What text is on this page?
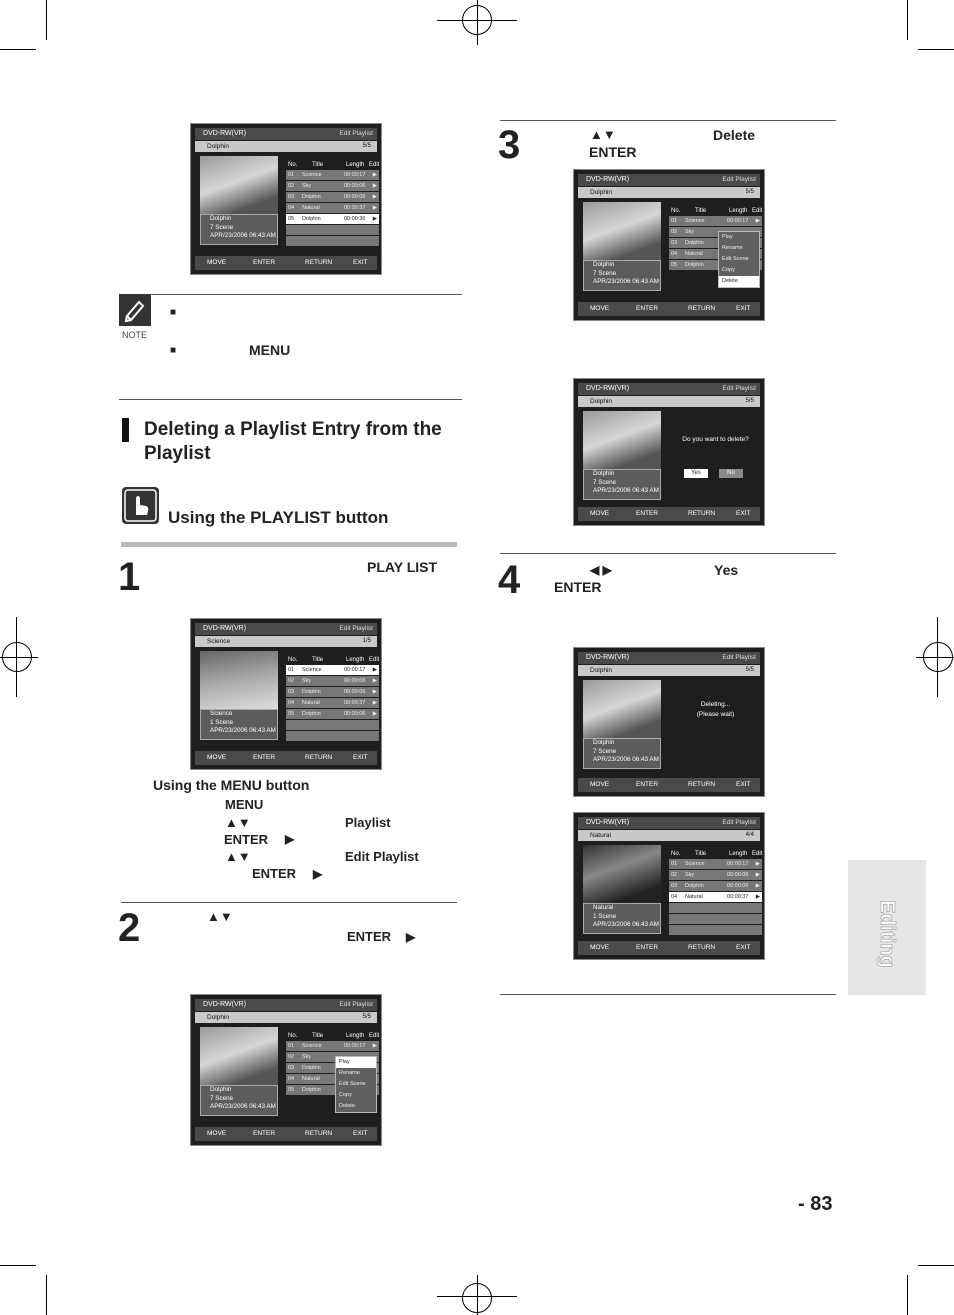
DVD-RW(VR)	Edit Playlist
Dolphin	5/5
Dolphin
7 Scene
APR/23/2006 06:43 AM
No. Title	Length Edit
01 Science	00:00:17 ▶
02 Sky	00:00:06 ▶
03 Dolphin	00:00:06 ▶
04 Natural	00:00:37 ▶
05 Dolphin	00:00:36 ▶
MOVE	ENTER	RETURN	EXIT
NOTE
■
■	MENU
Deleting a Playlist Entry from the Playlist
Using the PLAYLIST button
1	PLAY LIST
DVD-RW(VR)	Edit Playlist
Science	1/5
Science
1 Scene
APR/23/2006 06:43 AM
No. Title	Length Edit
01 Science	00:00:17 ▶
02 Sky	00:00:06 ▶
03 Dolphin	00:00:06 ▶
04 Natural	00:00:37 ▶
05 Dolphin	00:00:06 ▶
MOVE	ENTER	RETURN	EXIT
Using the MENU button
MENU
▲▼	Playlist
ENTER ▶
▲▼	Edit Playlist
ENTER ▶
2	▲▼
ENTER ▶
DVD-RW(VR)	Edit Playlist
Dolphin	5/5
Dolphin
7 Scene
APR/23/2006 06:43 AM
No. Title	Length Edit
01 Science	00:00:17 ▶
02 Sky
03 Dolphin
04 Natural
05 Dolphin
Play
Rename
Edit Scene
Copy
Delete
MOVE	ENTER	RETURN	EXIT
3	▲▼	Delete
ENTER
DVD-RW(VR)	Edit Playlist
Dolphin	5/5
Dolphin
7 Scene
APR/23/2006 06:43 AM
No. Title	Length Edit
01 Science	00:00:17 ▶
02 Sky
03 Dolphin
04 Natural
05 Dolphin
Play
Rename
Edit Scene
Copy
Delete
MOVE	ENTER	RETURN	EXIT
DVD-RW(VR)	Edit Playlist
Dolphin	5/5
Dolphin
7 Scene
APR/23/2006 06:43 AM
Do you want to delete?
Yes	No
MOVE	ENTER	RETURN	EXIT
4	◀ ▶	Yes
ENTER
DVD-RW(VR)	Edit Playlist
Dolphin	5/5
Dolphin
7 Scene
APR/23/2006 06:43 AM
Deleting...
(Please wait)
MOVE	ENTER	RETURN	EXIT
DVD-RW(VR)	Edit Playlist
Natural	4/4
Natural
1 Scene
APR/23/2006 06:43 AM
No. Title	Length Edit
01 Science	00:00:17 ▶
02 Sky	00:00:06 ▶
03 Dolphin	00:00:06 ▶
04 Natural	00:00:37 ▶
MOVE	ENTER	RETURN	EXIT	Editing
- 83
